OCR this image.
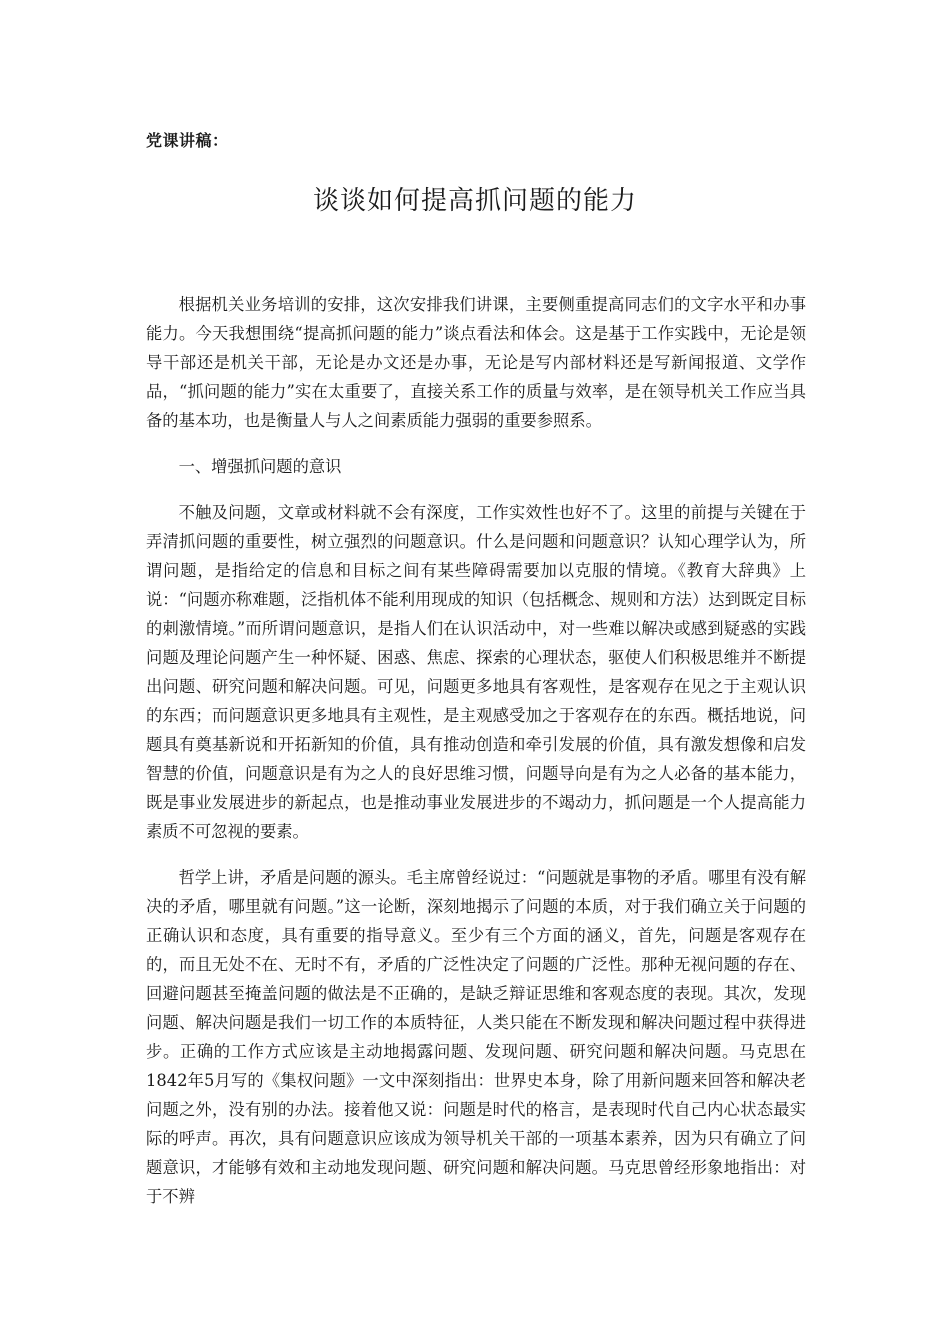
党课讲稿：
谈谈如何提高抓问题的能力

根据机关业务培训的安排，这次安排我们讲课，主要侧重提高同志们的文字水平和办事能力。今天我想围绕“提高抓问题的能力”谈点看法和体会。这是基于工作实践中，无论是领导干部还是机关干部，无论是办文还是办事，无论是写内部材料还是写新闻报道、文学作品，“抓问题的能力”实在太重要了，直接关系工作的质量与效率，是在领导机关工作应当具备的基本功，也是衡量人与人之间素质能力强弱的重要参照系。

一、增强抓问题的意识

不触及问题，文章或材料就不会有深度，工作实效性也好不了。这里的前提与关键在于弄清抓问题的重要性，树立强烈的问题意识。什么是问题和问题意识？认知心理学认为，所谓问题，是指给定的信息和目标之间有某些障碍需要加以克服的情境。《教育大辞典》上说：“问题亦称难题，泛指机体不能利用现成的知识（包括概念、规则和方法）达到既定目标的刺激情境。”而所谓问题意识，是指人们在认识活动中，对一些难以解决或感到疑惑的实践问题及理论问题产生一种怀疑、困惑、焦虑、探索的心理状态，驱使人们积极思维并不断提出问题、研究问题和解决问题。可见，问题更多地具有客观性，是客观存在见之于主观认识的东西；而问题意识更多地具有主观性，是主观感受加之于客观存在的东西。概括地说，问题具有奠基新说和开拓新知的价值，具有推动创造和牵引发展的价值，具有激发想像和启发智慧的价值，问题意识是有为之人的良好思维习惯，问题导向是有为之人必备的基本能力，既是事业发展进步的新起点，也是推动事业发展进步的不竭动力，抓问题是一个人提高能力素质不可忽视的要素。

哲学上讲，矛盾是问题的源头。毛主席曾经说过：“问题就是事物的矛盾。哪里有没有解决的矛盾，哪里就有问题。”这一论断，深刻地揭示了问题的本质，对于我们确立关于问题的正确认识和态度，具有重要的指导意义。至少有三个方面的涵义，首先，问题是客观存在的，而且无处不在、无时不有，矛盾的广泛性决定了问题的广泛性。那种无视问题的存在、回避问题甚至掩盖问题的做法是不正确的，是缺乏辩证思维和客观态度的表现。其次，发现问题、解决问题是我们一切工作的本质特征，人类只能在不断发现和解决问题过程中获得进步。正确的工作方式应该是主动地揭露问题、发现问题、研究问题和解决问题。马克思在1842年5月写的《集权问题》一文中深刻指出：世界史本身，除了用新问题来回答和解决老问题之外，没有别的办法。接着他又说：问题是时代的格言，是表现时代自己内心状态最实际的呼声。再次，具有问题意识应该成为领导机关干部的一项基本素养，因为只有确立了问题意识，才能够有效和主动地发现问题、研究问题和解决问题。马克思曾经形象地指出：对于不辨
